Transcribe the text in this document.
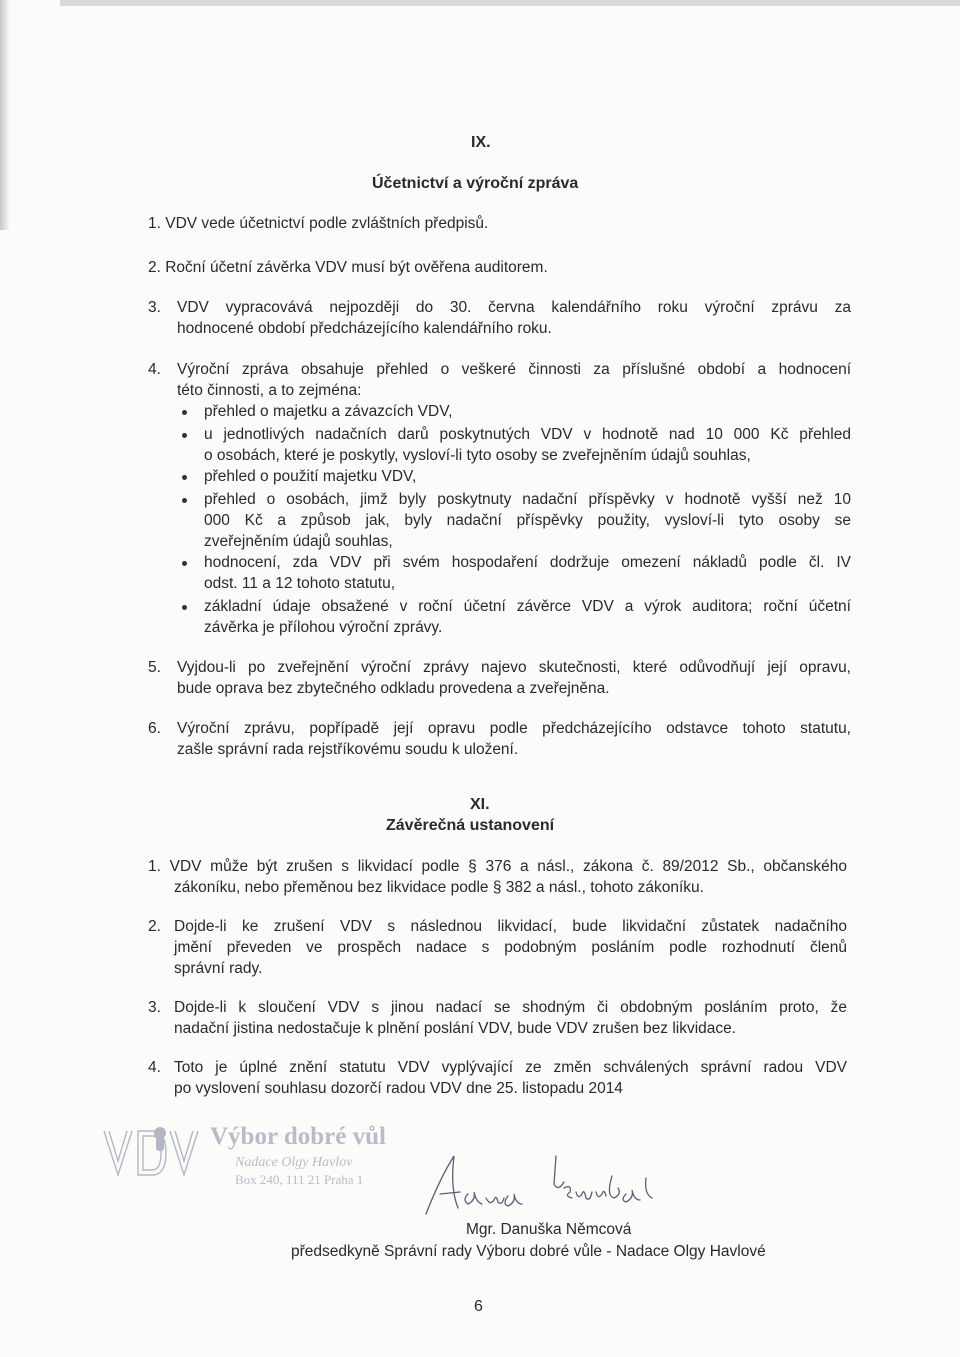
IX.
Účetnictví a výroční zpráva
1. VDV vede účetnictví podle zvláštních předpisů.
2. Roční účetní závěrka VDV musí být ověřena auditorem.
3. VDV vypracovává nejpozději do 30. června kalendářního roku výroční zprávu za
hodnocené období předcházejícího kalendářního roku.
4. Výroční zpráva obsahuje přehled o veškeré činnosti za příslušné období a hodnocení
této činnosti, a to zejména:
přehled o majetku a závazcích VDV,
u jednotlivých nadačních darů poskytnutých VDV v hodnotě nad 10 000 Kč přehled
o osobách, které je poskytly, vysloví-li tyto osoby se zveřejněním údajů souhlas,
přehled o použití majetku VDV,
přehled o osobách, jimž byly poskytnuty nadační příspěvky v hodnotě vyšší než 10
000 Kč a způsob jak, byly nadační příspěvky použity, vysloví-li tyto osoby se
zveřejněním údajů souhlas,
hodnocení, zda VDV při svém hospodaření dodržuje omezení nákladů podle čl. IV
odst. 11 a 12 tohoto statutu,
základní údaje obsažené v roční účetní závěrce VDV a výrok auditora; roční účetní
závěrka je přílohou výroční zprávy.
5. Vyjdou-li po zveřejnění výroční zprávy najevo skutečnosti, které odůvodňují její opravu,
bude oprava bez zbytečného odkladu provedena a zveřejněna.
6. Výroční zprávu, popřípadě její opravu podle předcházejícího odstavce tohoto statutu,
zašle správní rada rejstříkovému soudu k uložení.
XI.
Závěrečná ustanovení
1. VDV může být zrušen s likvidací podle § 376 a násl., zákona č. 89/2012 Sb., občanského
zákoníku, nebo přeměnou bez likvidace podle § 382 a násl., tohoto zákoníku.
2. Dojde-li ke zrušení VDV s následnou likvidací, bude likvidační zůstatek nadačního
jmění převeden ve prospěch nadace s podobným posláním podle rozhodnutí členů
správní rady.
3. Dojde-li k sloučení VDV s jinou nadací se shodným či obdobným posláním proto, že
nadační jistina nedostačuje k plnění poslání VDV, bude VDV zrušen bez likvidace.
4. Toto je úplné znění statutu VDV vyplývající ze změn schválených správní radou VDV
po vyslovení souhlasu dozorčí radou VDV dne 25. listopadu 2014
Výbor dobré vůl
Nadace Olgy Havlov
Box 240, 111 21 Praha 1
Mgr. Danuška Němcová
předsedkyně Správní rady Výboru dobré vůle - Nadace Olgy Havlové
6
